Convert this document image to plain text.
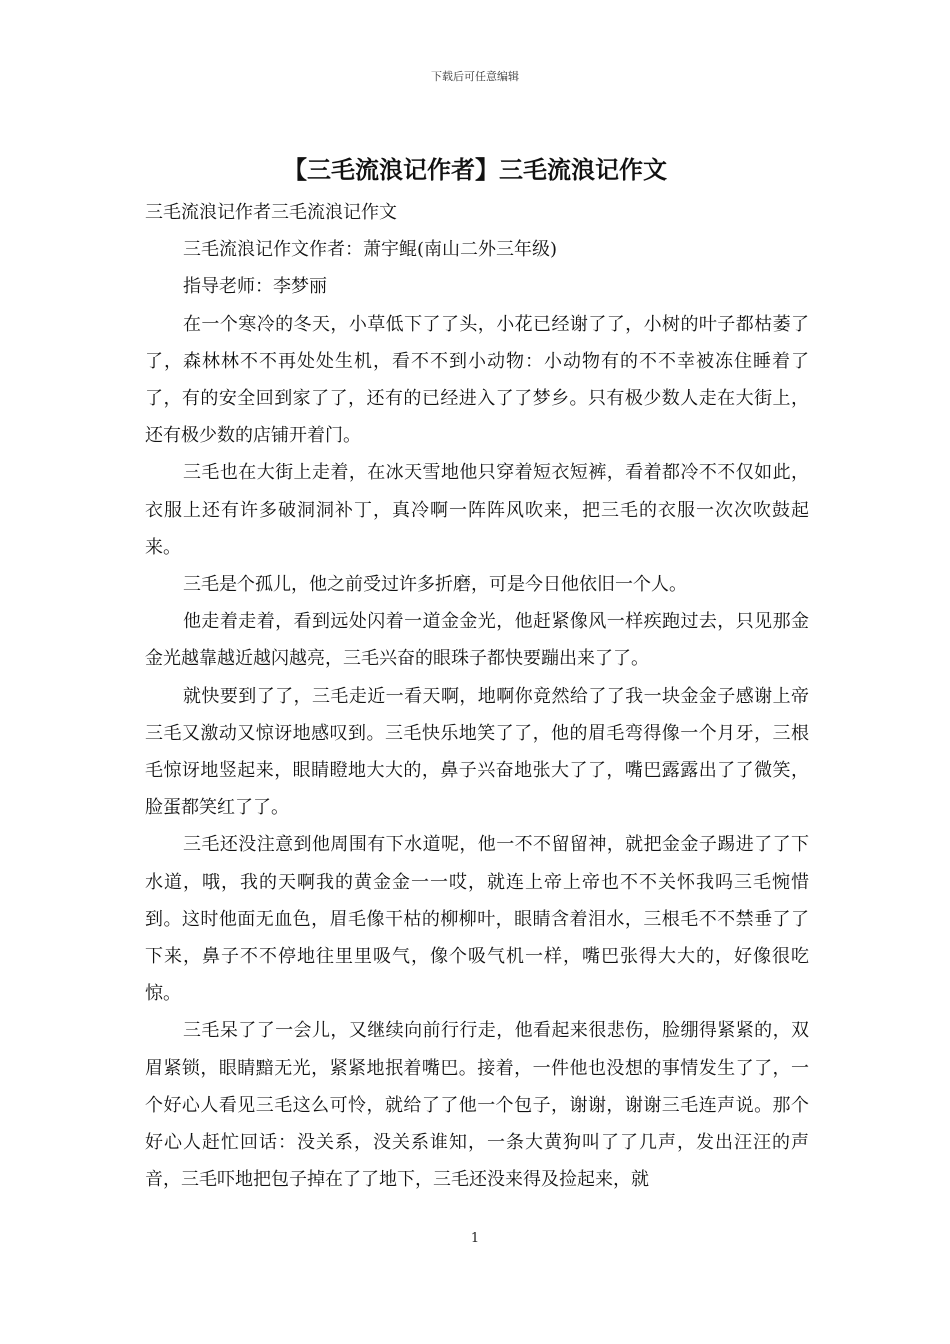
下载后可任意编辑
【三毛流浪记作者】三毛流浪记作文

三毛流浪记作者三毛流浪记作文

三毛流浪记作文作者：萧宇鲲(南山二外三年级)

指导老师：李梦丽

在一个寒冷的冬天，小草低下了了头，小花已经谢了了，小树的叶子都枯萎了了，森林林不不再处处生机，看不不到小动物：小动物有的不不幸被冻住睡着了了，有的安全回到家了了，还有的已经进入了了梦乡。只有极少数人走在大街上，还有极少数的店铺开着门。

三毛也在大街上走着，在冰天雪地他只穿着短衣短裤，看着都冷不不仅如此，衣服上还有许多破洞洞补丁，真冷啊一阵阵风吹来，把三毛的衣服一次次吹鼓起来。

三毛是个孤儿，他之前受过许多折磨，可是今日他依旧一个人。

他走着走着，看到远处闪着一道金金光，他赶紧像风一样疾跑过去，只见那金金光越靠越近越闪越亮，三毛兴奋的眼珠子都快要蹦出来了了。

就快要到了了，三毛走近一看天啊，地啊你竟然给了了我一块金金子感谢上帝三毛又激动又惊讶地感叹到。三毛快乐地笑了了，他的眉毛弯得像一个月牙，三根毛惊讶地竖起来，眼睛瞪地大大的，鼻子兴奋地张大了了，嘴巴露露出了了微笑，脸蛋都笑红了了。

三毛还没注意到他周围有下水道呢，他一不不留留神，就把金金子踢进了了下水道，哦，我的天啊我的黄金金一一哎，就连上帝上帝也不不关怀我吗三毛惋惜到。这时他面无血色，眉毛像干枯的柳柳叶，眼睛含着泪水，三根毛不不禁垂了了下来，鼻子不不停地往里里吸气，像个吸气机一样，嘴巴张得大大的，好像很吃惊。

三毛呆了了一会儿，又继续向前行行走，他看起来很悲伤，脸绷得紧紧的，双眉紧锁，眼睛黯无光，紧紧地抿着嘴巴。接着，一件他也没想的事情发生了了，一个好心人看见三毛这么可怜，就给了了他一个包子，谢谢，谢谢三毛连声说。那个好心人赶忙回话：没关系，没关系谁知，一条大黄狗叫了了几声，发出汪汪的声音，三毛吓地把包子掉在了了地下，三毛还没来得及捡起来，就

1
